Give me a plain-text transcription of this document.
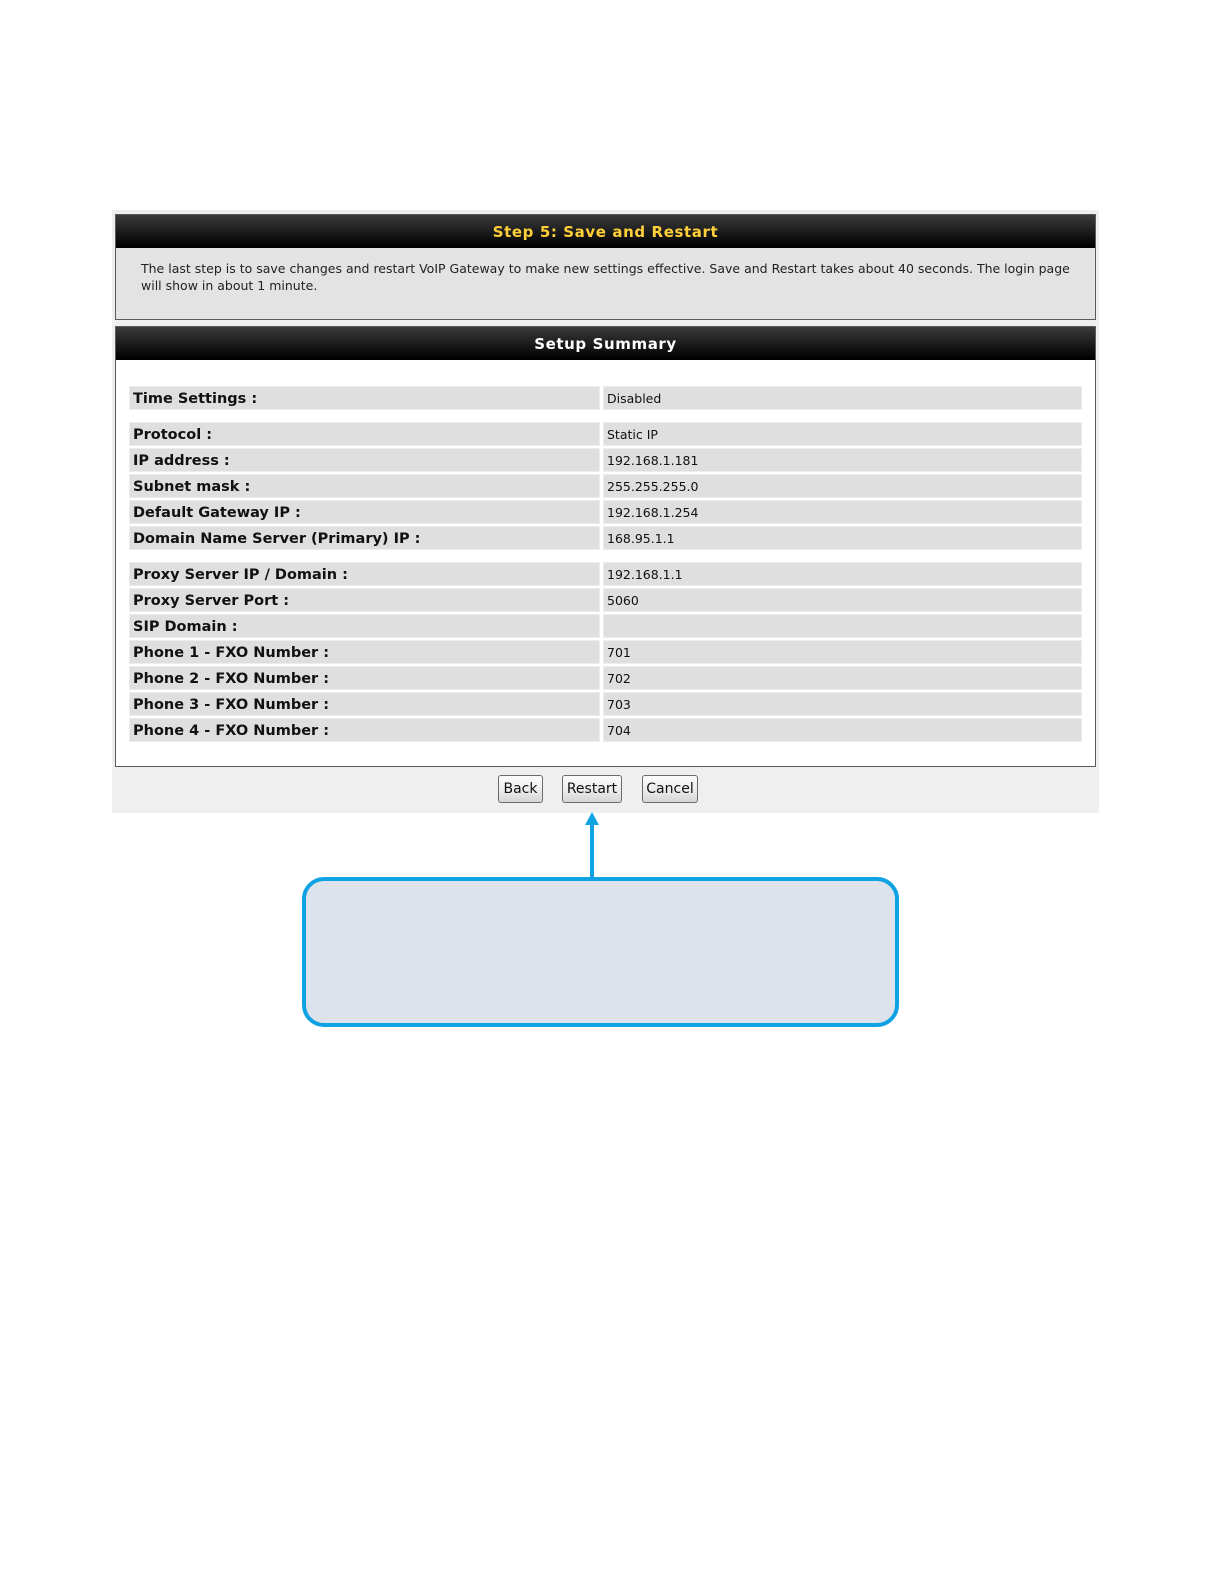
Step 5: Save and Restart
The last step is to save changes and restart VoIP Gateway to make new settings effective. Save and Restart takes about 40 seconds. The login page will show in about 1 minute.
Setup Summary
Time Settings :	Disabled
Protocol :	Static IP
IP address :	192.168.1.181
Subnet mask :	255.255.255.0
Default Gateway IP :	192.168.1.254
Domain Name Server (Primary) IP :	168.95.1.1
Proxy Server IP / Domain :	192.168.1.1
Proxy Server Port :	5060
SIP Domain :
Phone 1 - FXO Number :	701
Phone 2 - FXO Number :	702
Phone 3 - FXO Number :	703
Phone 4 - FXO Number :	704
Back	Restart	Cancel
